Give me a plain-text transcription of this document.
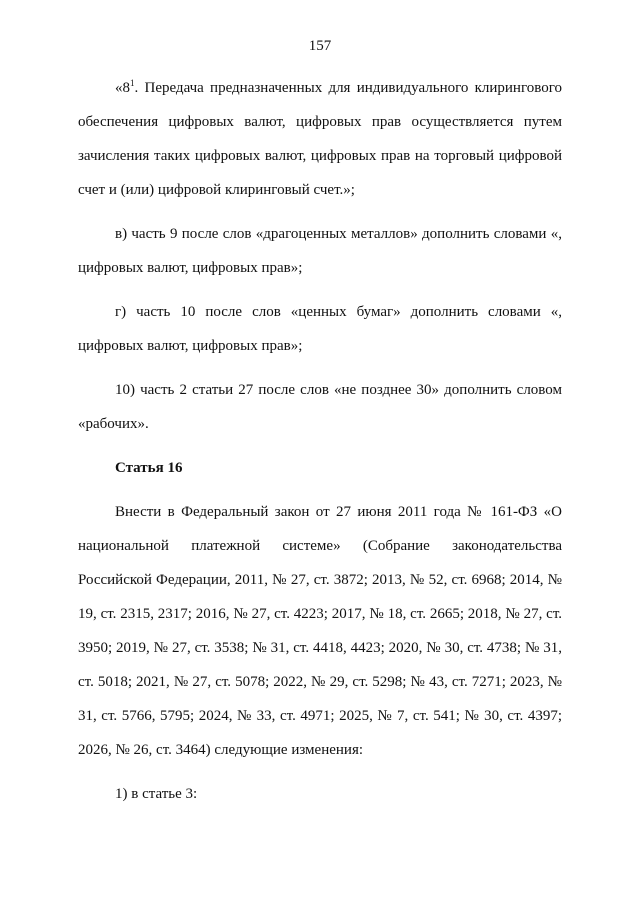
157

«$8^1$. Передача предназначенных для индивидуального клирингового обеспечения цифровых валют, цифровых прав осуществляется путем зачисления таких цифровых валют, цифровых прав на торговый цифровой счет и (или) цифровой клиринговый счет.»;

в) часть 9 после слов «драгоценных металлов» дополнить словами «, цифровых валют, цифровых прав»;

г) часть 10 после слов «ценных бумаг» дополнить словами «, цифровых валют, цифровых прав»;

10) часть 2 статьи 27 после слов «не позднее 30» дополнить словом «рабочих».

Статья 16

Внести в Федеральный закон от 27 июня 2011 года № 161-ФЗ «О национальной платежной системе» (Собрание законодательства Российской Федерации, 2011, № 27, ст. 3872; 2013, № 52, ст. 6968; 2014, № 19, ст. 2315, 2317; 2016, № 27, ст. 4223; 2017, № 18, ст. 2665; 2018, № 27, ст. 3950; 2019, № 27, ст. 3538; № 31, ст. 4418, 4423; 2020, № 30, ст. 4738; № 31, ст. 5018; 2021, № 27, ст. 5078; 2022, № 29, ст. 5298; № 43, ст. 7271; 2023, № 31, ст. 5766, 5795; 2024, № 33, ст. 4971; 2025, № 7, ст. 541; № 30, ст. 4397; 2026, № 26, ст. 3464) следующие изменения:

1) в статье 3:
